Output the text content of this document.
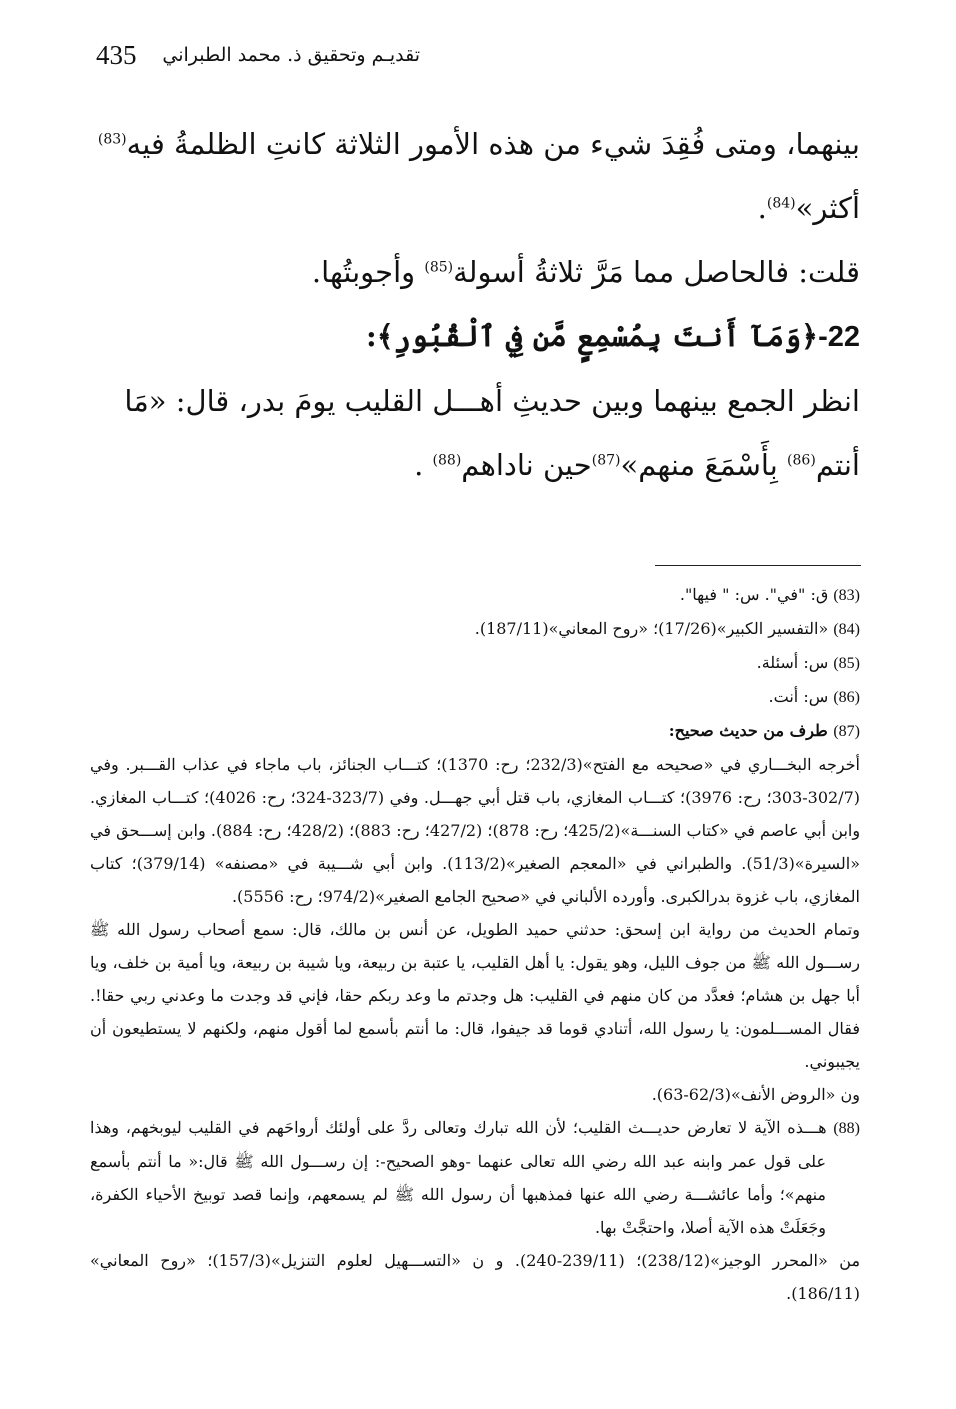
435 تقديـم وتحقيق ذ. محمد الطبراني

بينهما، ومتى فُقِدَ شيء من هذه الأمور الثلاثة كانتِ الظلمةُ فيه$^{(83)}$ أكثر»$^{(84)}$.

قلت: فالحاصل مما مَرَّ ثلاثةُ أسولة$^{(85)}$ وأجوبتُها.

22-﴿وَمَآ أَنتَ بِمُسْمِعٍ مَّن فِي ٱلْقُبُورِ﴾:

انظر الجمع بينهما وبين حديثِ أهـــل القليب يومَ بدر، قال: «مَا أنتم$^{(86)}$ بِأَسْمَعَ منهم»$^{(87)}$حين ناداهم$^{(88)}$ .

(83) ق: "في". س: " فيها".

(84) «التفسير الكبير»(17/26)؛ «روح المعاني»(187/11).

(85) س: أسئلة.

(86) س: أنت.

(87) طرف من حديث صحيح:

أخرجه البخـــاري في «صحيحه مع الفتح»(232/3؛ رح: 1370)؛ كتـــاب الجنائز، باب ماجاء في عذاب القـــبر. وفي (302/7-303؛ رح: 3976)؛ كتـــاب المغازي، باب قتل أبي جهـــل. وفي (323/7-324؛ رح: 4026)؛ كتـــاب المغازي. وابن أبي عاصم في «كتاب السنـــة»(425/2؛ رح: 878)؛ (427/2؛ رح: 883)؛ (428/2؛ رح: 884). وابن إســـحق في «السيرة»(51/3). والطبراني في «المعجم الصغير»(113/2). وابن أبي شـــيبة في «مصنفه» (379/14)؛ كتاب المغازي، باب غزوة بدرالكبرى. وأورده الألباني في «صحيح الجامع الصغير»(974/2؛ رح: 5556).

وتمام الحديث من رواية ابن إسحق: حدثني حميد الطويل، عن أنس بن مالك، قال: سمع أصحاب رسول الله ﷺ رســـول الله ﷺ من جوف الليل، وهو يقول: يا أهل القليب، يا عتبة بن ربيعة، ويا شيبة بن ربيعة، ويا أمية بن خلف، ويا أبا جهل بن هشام؛ فعدَّد من كان منهم في القليب: هل وجدتم ما وعد ربكم حقا، فإني قد وجدت ما وعدني ربي حقا!. فقال المســـلمون: يا رسول الله، أتنادي قوما قد جيفوا، قال: ما أنتم بأسمع لما أقول منهم، ولكنهم لا يستطيعون أن يجيبوني.

ون «الروض الأنف»(62/3-63).

(88) هـــذه الآية لا تعارض حديـــث القليب؛ لأن الله تبارك وتعالى ردَّ على أولئك أرواحَهم في القليب ليوبخهم، وهذا على قول عمر وابنه عبد الله رضي الله تعالى عنهما -وهو الصحيح-: إن رســـول الله ﷺ قال:« ما أنتم بأسمع منهم»؛ وأما عائشـــة رضي الله عنها فمذهبها أن رسول الله ﷺ لم يسمعهم، وإنما قصد توبيخ الأحياء الكفرة، وجَعَلَتْ هذه الآية أصلا، واحتجَّتْ بها.

من «المحرر الوجيز»(238/12)؛ (239/11-240). و ن «التســـهيل لعلوم التنزيل»(157/3)؛ «روح المعاني» (186/11).
